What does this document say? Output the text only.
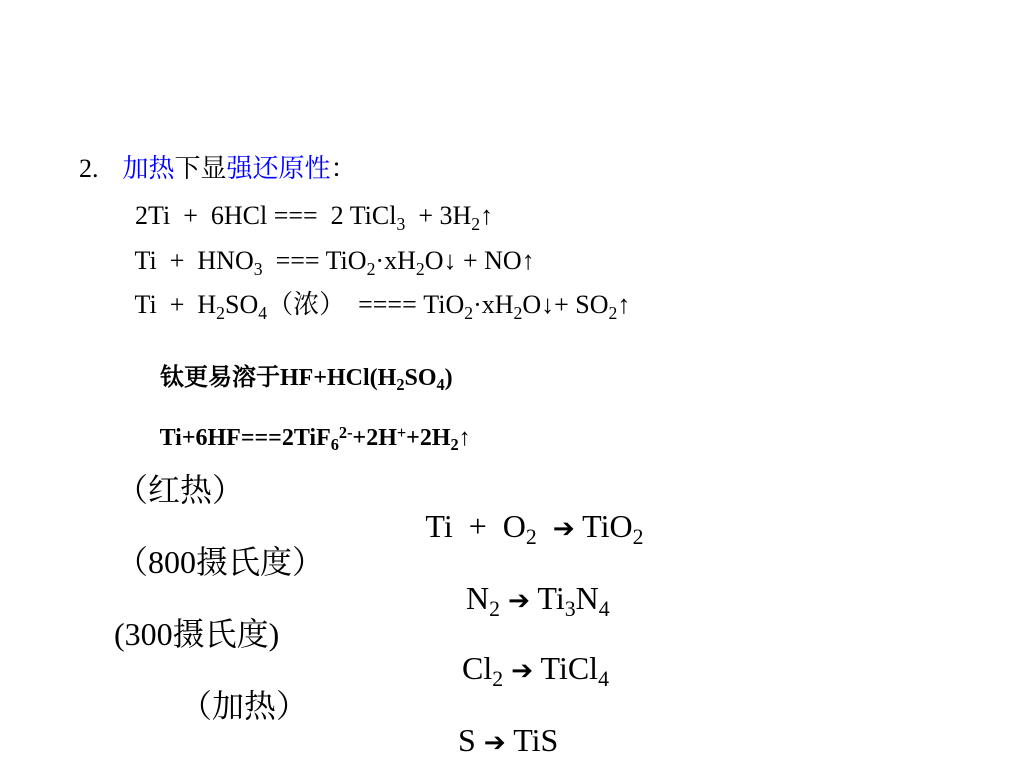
2. 加热下显强还原性：

2Ti  +  6HCl ===  2 TiCl$_3$  + $3H_2↑$

$Ti + HNO_3$  === $TiO_2\cdot xH_2O↓$ + NO↑

$Ti + H_2SO_4$（浓）  ==== $TiO_2\cdot xH_2O↓+$ $SO_2↑$

钛更易溶于$HF+HCl(H_2SO_4)$

$Ti+6HF===2TiF_6^{2-}+2H^++2H_2↑$

（红热）

$Ti + O_2$ ➔ TiO$_2$

（800摄氏度）

$N_2$ ➔ $Ti_3N_4$

(300摄氏度)

$Cl_2$ ➔ TiCl$_4$

（加热）

S ➔ TiS
